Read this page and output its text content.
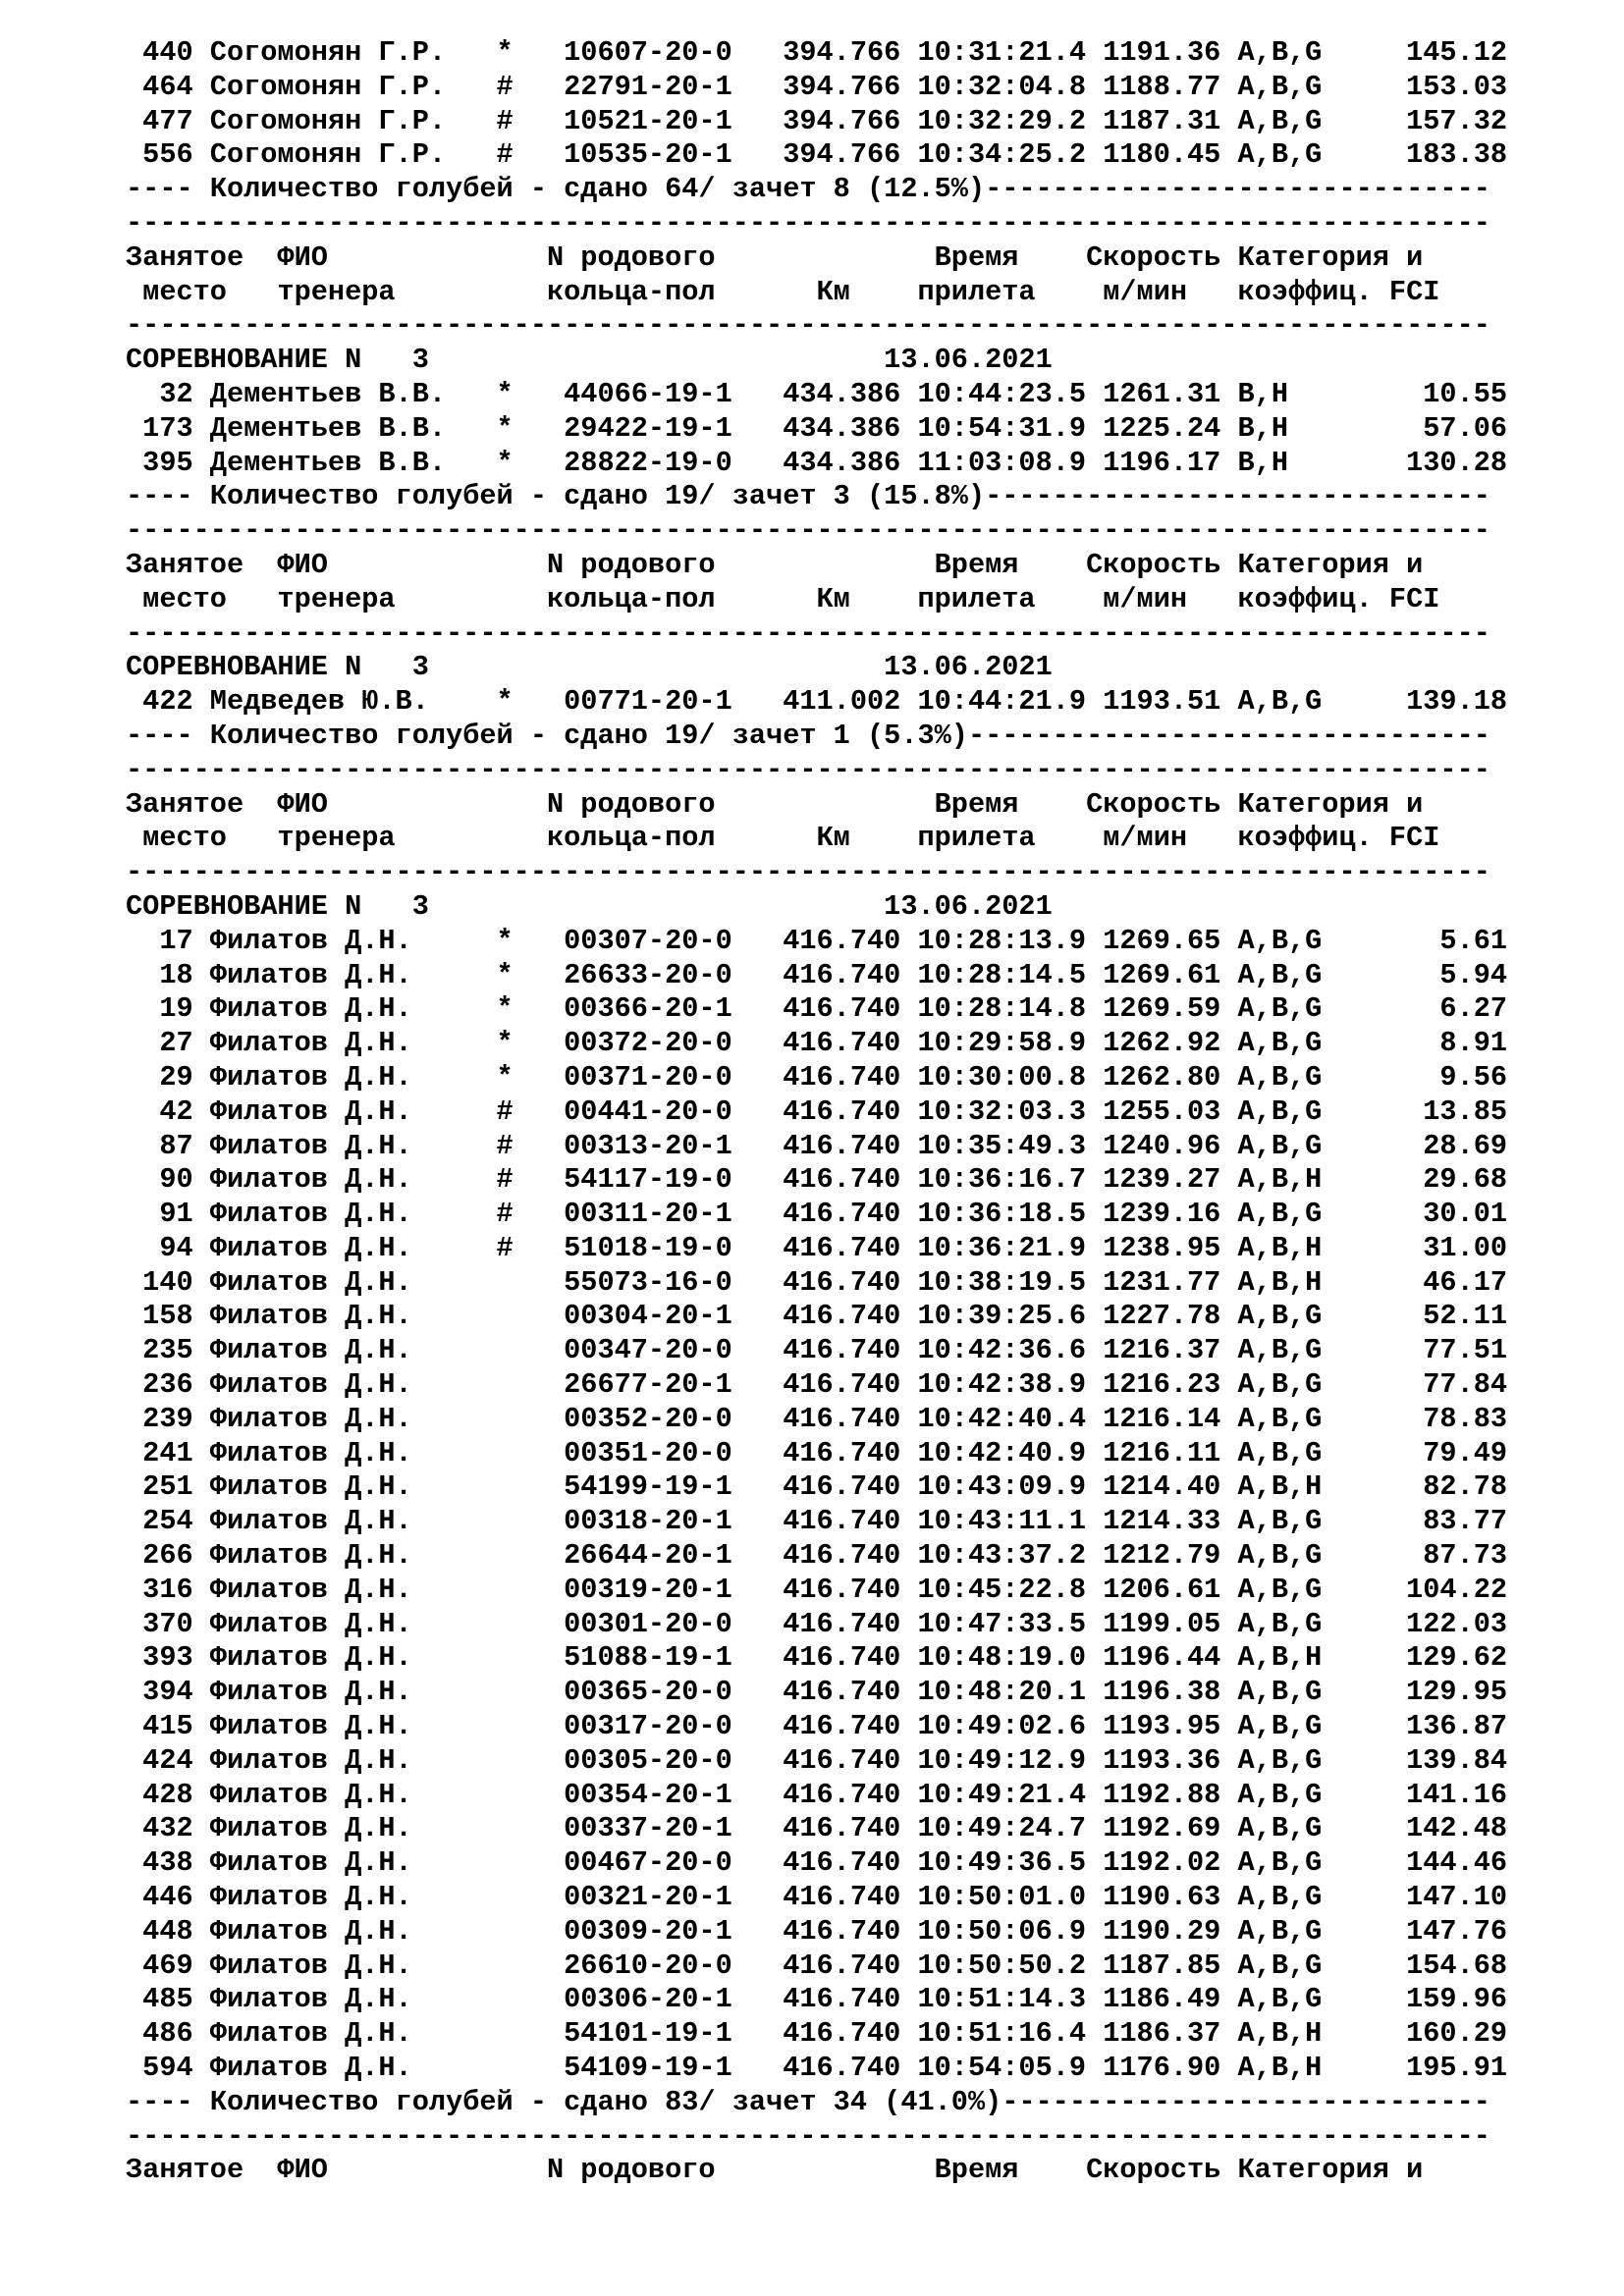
440 Согомонян Г.Р.   *   10607-20-0   394.766 10:31:21.4 1191.36 A,B,G     145.12
464 Согомонян Г.Р.   #   22791-20-1   394.766 10:32:04.8 1188.77 A,B,G     153.03
477 Согомонян Г.Р.   #   10521-20-1   394.766 10:32:29.2 1187.31 A,B,G     157.32
556 Согомонян Г.Р.   #   10535-20-1   394.766 10:34:25.2 1180.45 A,B,G     183.38
---- Количество голубей - сдано 64/ зачет 8 (12.5%)------------------------------
---------------------------------------------------------------------------------
Занятое  ФИО             N родового             Время    Скорость Категория и
место   тренера         кольца-пол      Км    прилета    м/мин   коэффиц. FCI
---------------------------------------------------------------------------------
СОРЕВНОВАНИЕ N   3                           13.06.2021
32 Дементьев В.В.   *   44066-19-1   434.386 10:44:23.5 1261.31 B,H        10.55
173 Дементьев В.В.   *   29422-19-1   434.386 10:54:31.9 1225.24 B,H        57.06
395 Дементьев В.В.   *   28822-19-0   434.386 11:03:08.9 1196.17 B,H       130.28
---- Количество голубей - сдано 19/ зачет 3 (15.8%)------------------------------
---------------------------------------------------------------------------------
Занятое  ФИО             N родового             Время    Скорость Категория и
место   тренера         кольца-пол      Км    прилета    м/мин   коэффиц. FCI
---------------------------------------------------------------------------------
СОРЕВНОВАНИЕ N   3                           13.06.2021
422 Медведев Ю.В.    *   00771-20-1   411.002 10:44:21.9 1193.51 A,B,G     139.18
---- Количество голубей - сдано 19/ зачет 1 (5.3%)-------------------------------
---------------------------------------------------------------------------------
Занятое  ФИО             N родового             Время    Скорость Категория и
место   тренера         кольца-пол      Км    прилета    м/мин   коэффиц. FCI
---------------------------------------------------------------------------------
СОРЕВНОВАНИЕ N   3                           13.06.2021
17 Филатов Д.Н.     *   00307-20-0   416.740 10:28:13.9 1269.65 A,B,G       5.61
18 Филатов Д.Н.     *   26633-20-0   416.740 10:28:14.5 1269.61 A,B,G       5.94
19 Филатов Д.Н.     *   00366-20-1   416.740 10:28:14.8 1269.59 A,B,G       6.27
27 Филатов Д.Н.     *   00372-20-0   416.740 10:29:58.9 1262.92 A,B,G       8.91
29 Филатов Д.Н.     *   00371-20-0   416.740 10:30:00.8 1262.80 A,B,G       9.56
42 Филатов Д.Н.     #   00441-20-0   416.740 10:32:03.3 1255.03 A,B,G      13.85
87 Филатов Д.Н.     #   00313-20-1   416.740 10:35:49.3 1240.96 A,B,G      28.69
90 Филатов Д.Н.     #   54117-19-0   416.740 10:36:16.7 1239.27 A,B,H      29.68
91 Филатов Д.Н.     #   00311-20-1   416.740 10:36:18.5 1239.16 A,B,G      30.01
94 Филатов Д.Н.     #   51018-19-0   416.740 10:36:21.9 1238.95 A,B,H      31.00
140 Филатов Д.Н.         55073-16-0   416.740 10:38:19.5 1231.77 A,B,H      46.17
158 Филатов Д.Н.         00304-20-1   416.740 10:39:25.6 1227.78 A,B,G      52.11
235 Филатов Д.Н.         00347-20-0   416.740 10:42:36.6 1216.37 A,B,G      77.51
236 Филатов Д.Н.         26677-20-1   416.740 10:42:38.9 1216.23 A,B,G      77.84
239 Филатов Д.Н.         00352-20-0   416.740 10:42:40.4 1216.14 A,B,G      78.83
241 Филатов Д.Н.         00351-20-0   416.740 10:42:40.9 1216.11 A,B,G      79.49
251 Филатов Д.Н.         54199-19-1   416.740 10:43:09.9 1214.40 A,B,H      82.78
254 Филатов Д.Н.         00318-20-1   416.740 10:43:11.1 1214.33 A,B,G      83.77
266 Филатов Д.Н.         26644-20-1   416.740 10:43:37.2 1212.79 A,B,G      87.73
316 Филатов Д.Н.         00319-20-1   416.740 10:45:22.8 1206.61 A,B,G     104.22
370 Филатов Д.Н.         00301-20-0   416.740 10:47:33.5 1199.05 A,B,G     122.03
393 Филатов Д.Н.         51088-19-1   416.740 10:48:19.0 1196.44 A,B,H     129.62
394 Филатов Д.Н.         00365-20-0   416.740 10:48:20.1 1196.38 A,B,G     129.95
415 Филатов Д.Н.         00317-20-0   416.740 10:49:02.6 1193.95 A,B,G     136.87
424 Филатов Д.Н.         00305-20-0   416.740 10:49:12.9 1193.36 A,B,G     139.84
428 Филатов Д.Н.         00354-20-1   416.740 10:49:21.4 1192.88 A,B,G     141.16
432 Филатов Д.Н.         00337-20-1   416.740 10:49:24.7 1192.69 A,B,G     142.48
438 Филатов Д.Н.         00467-20-0   416.740 10:49:36.5 1192.02 A,B,G     144.46
446 Филатов Д.Н.         00321-20-1   416.740 10:50:01.0 1190.63 A,B,G     147.10
448 Филатов Д.Н.         00309-20-1   416.740 10:50:06.9 1190.29 A,B,G     147.76
469 Филатов Д.Н.         26610-20-0   416.740 10:50:50.2 1187.85 A,B,G     154.68
485 Филатов Д.Н.         00306-20-1   416.740 10:51:14.3 1186.49 A,B,G     159.96
486 Филатов Д.Н.         54101-19-1   416.740 10:51:16.4 1186.37 A,B,H     160.29
594 Филатов Д.Н.         54109-19-1   416.740 10:54:05.9 1176.90 A,B,H     195.91
---- Количество голубей - сдано 83/ зачет 34 (41.0%)-----------------------------
---------------------------------------------------------------------------------
Занятое  ФИО             N родового             Время    Скорость Категория и
